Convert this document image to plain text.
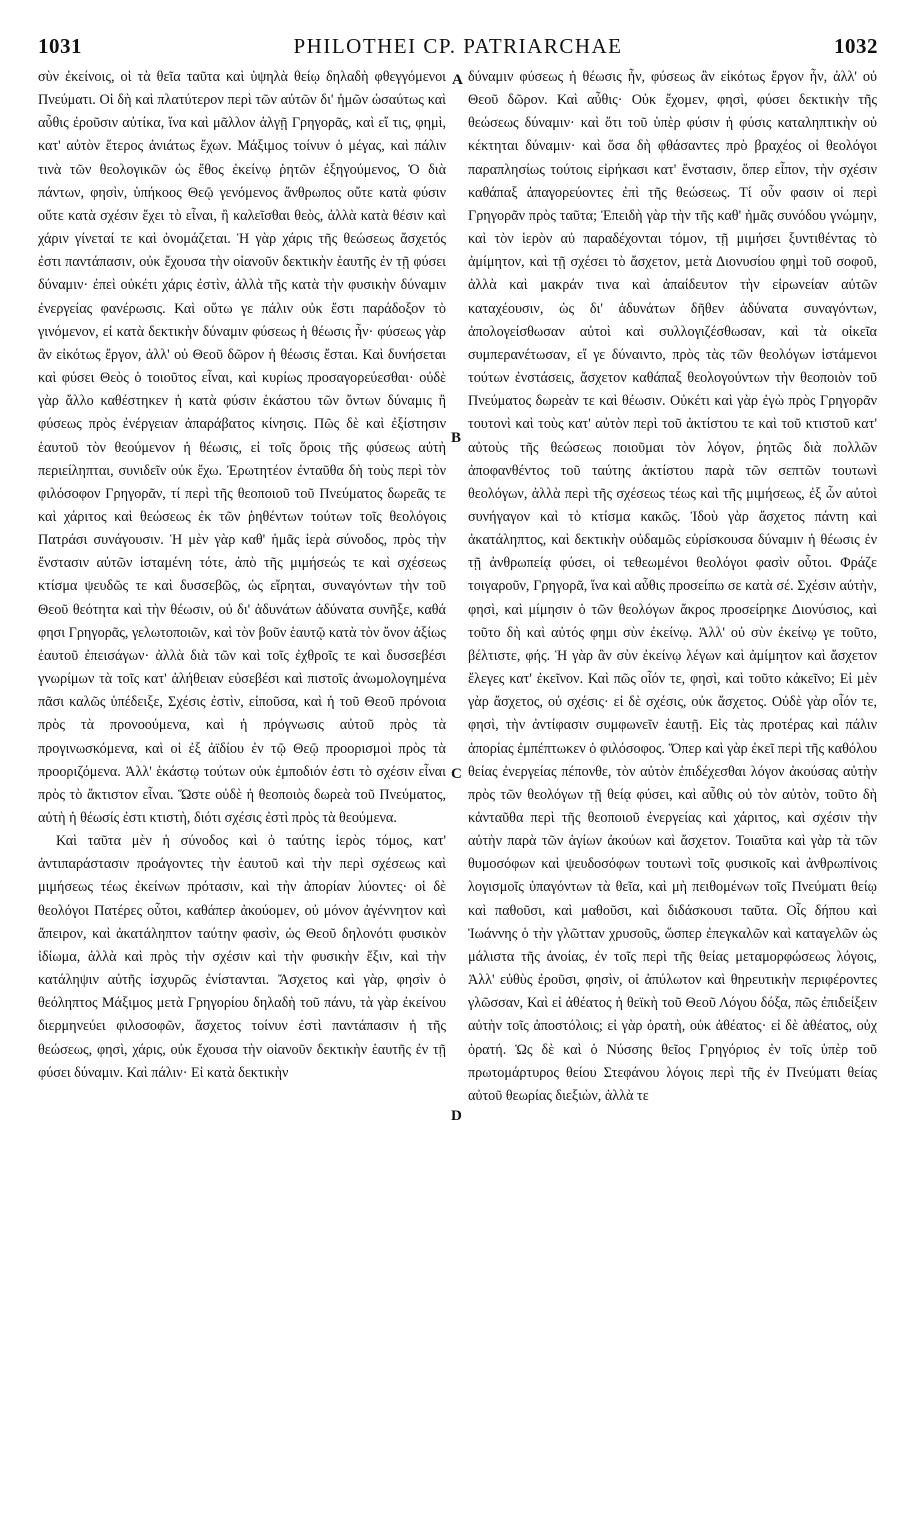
1031	PHILOTHEI CP. PATRIARCHAE	1032

σὺν ἐκείνοις, οἱ τὰ θεῖα ταῦτα καὶ ὑψηλὰ θείῳ δηλαδὴ φθεγγόμενοι Πνεύματι. Οἱ δὴ καὶ πλατύτερον περὶ τῶν αὐτῶν δι' ἡμῶν ὡσαύτως καὶ αὖθις ἐροῦσιν αὐτίκα, ἵνα καὶ μᾶλλον ἀλγῇ Γρηγορᾶς, καὶ εἴ τις, φημὶ, κατ' αὐτὸν ἕτερος ἀνιάτως ἔχων. Μάξιμος τοίνυν ὁ μέγας, καὶ πάλιν τινὰ τῶν θεολογικῶν ὡς ἔθος ἐκείνῳ ῥητῶν ἐξηγούμενος, Ὁ διὰ πάντων, φησὶν, ὑπήκοος Θεῷ γενόμενος ἄνθρωπος οὔτε κατὰ φύσιν οὔτε κατὰ σχέσιν ἔχει τὸ εἶναι, ἢ καλεῖσθαι θεὸς, ἀλλὰ κατὰ θέσιν καὶ χάριν γίνεταί τε καὶ ὀνομάζεται. Ἡ γὰρ χάρις τῆς θεώσεως ἄσχετός ἐστι παντάπασιν, οὐκ ἔχουσα τὴν οἱανοῦν δεκτικὴν ἑαυτῆς ἐν τῇ φύσει δύναμιν· ἐπεὶ οὐκέτι χάρις ἐστὶν, ἀλλὰ τῆς κατὰ τὴν φυσικὴν δύναμιν ἐνεργείας φανέρωσις. Καὶ οὕτω γε πάλιν οὐκ ἔστι παράδοξον τὸ γινόμενον, εἰ κατὰ δεκτικὴν δύναμιν φύσεως ἡ θέωσις ἦν· φύσεως γὰρ ἂν εἰκότως ἔργον, ἀλλ' οὐ Θεοῦ δῶρον ἡ θέωσις ἔσται. Καὶ δυνήσεται καὶ φύσει Θεὸς ὁ τοιοῦτος εἶναι, καὶ κυρίως προσαγορεύεσθαι· οὐδὲ γὰρ ἄλλο καθέστηκεν ἡ κατὰ φύσιν ἑκάστου τῶν ὄντων δύναμις ἢ φύσεως πρὸς ἐνέργειαν ἀπαράβατος κίνησις. Πῶς δὲ καὶ ἐξίστησιν ἑαυτοῦ τὸν θεούμενον ἡ θέωσις, εἰ τοῖς ὅροις τῆς φύσεως αὐτὴ περιείληπται, συνιδεῖν οὐκ ἔχω. Ἐρωτητέον ἐνταῦθα δὴ τοὺς περὶ τὸν φιλόσοφον Γρηγορᾶν, τί περὶ τῆς θεοποιοῦ τοῦ Πνεύματος δωρεᾶς τε καὶ χάριτος καὶ θεώσεως ἐκ τῶν ῥηθέντων τούτων τοῖς θεολόγοις Πατράσι συνάγουσιν. Ἡ μὲν γὰρ καθ' ἡμᾶς ἱερὰ σύνοδος, πρὸς τὴν ἔνστασιν αὐτῶν ἱσταμένη τότε, ἀπὸ τῆς μιμήσεώς τε καὶ σχέσεως κτίσμα ψευδῶς τε καὶ δυσσεβῶς, ὡς εἴρηται, συναγόντων τὴν τοῦ Θεοῦ θεότητα καὶ τὴν θέωσιν, οὐ δι' ἀδυνάτων ἀδύνατα συνῆξε, καθά φησι Γρηγορᾶς, γελωτοποιῶν, καὶ τὸν βοῦν ἑαυτῷ κατὰ τὸν ὄνον ἀξίως ἑαυτοῦ ἐπεισάγων· ἀλλὰ διὰ τῶν καὶ τοῖς ἐχθροῖς τε καὶ δυσσεβέσι γνωρίμων τὰ τοῖς κατ' ἀλήθειαν εὐσεβέσι καὶ πιστοῖς ἀνωμολογημένα πᾶσι καλῶς ὑπέδειξε, Σχέσις ἐστὶν, εἰποῦσα, καὶ ἡ τοῦ Θεοῦ πρόνοια πρὸς τὰ προνοούμενα, καὶ ἡ πρόγνωσις αὐτοῦ πρὸς τὰ προγινωσκόμενα, καὶ οἱ ἐξ ἀϊδίου ἐν τῷ Θεῷ προορισμοὶ πρὸς τὰ προοριζόμενα. Ἀλλ' ἑκάστῳ τούτων οὐκ ἐμποδιόν ἐστι τὸ σχέσιν εἶναι πρὸς τὸ ἄκτιστον εἶναι. Ὥστε οὐδὲ ἡ θεοποιὸς δωρεὰ τοῦ Πνεύματος, αὐτὴ ἡ θέωσίς ἐστι κτιστὴ, διότι σχέσις ἐστὶ πρὸς τὰ θεούμενα.

Καὶ ταῦτα μὲν ἡ σύνοδος καὶ ὁ ταύτης ἱερὸς τόμος, κατ' ἀντιπαράστασιν προάγοντες τὴν ἑαυτοῦ καὶ τὴν περὶ σχέσεως καὶ μιμήσεως τέως ἐκείνων πρότασιν, καὶ τὴν ἀπορίαν λύοντες· οἱ δὲ θεολόγοι Πατέρες οὗτοι, καθάπερ ἀκούομεν, οὐ μόνον ἀγέννητον καὶ ἄπειρον, καὶ ἀκατάληπτον ταύτην φασὶν, ὡς Θεοῦ δηλονότι φυσικὸν ἰδίωμα, ἀλλὰ καὶ πρὸς τὴν σχέσιν καὶ τὴν φυσικὴν ἕξιν, καὶ τὴν κατάληψιν αὐτῆς ἰσχυρῶς ἐνίστανται. Ἄσχετος καὶ γὰρ, φησὶν ὁ θεόληπτος Μάξιμος μετὰ Γρηγορίου δηλαδὴ τοῦ πάνυ, τὰ γὰρ ἐκείνου διερμηνεύει φιλοσοφῶν, ἄσχετος τοίνυν ἐστὶ παντάπασιν ἡ τῆς θεώσεως, φησὶ, χάρις, οὐκ ἔχουσα τὴν οἱανοῦν δεκτικὴν ἑαυτῆς ἐν τῇ φύσει δύναμιν. Καὶ πάλιν· Εἰ κατὰ δεκτικὴν

δύναμιν φύσεως ἡ θέωσις ἦν, φύσεως ἂν εἰκότως ἔργον ἦν, ἀλλ' οὐ Θεοῦ δῶρον. Καὶ αὖθις· Οὐκ ἔχομεν, φησὶ, φύσει δεκτικὴν τῆς θεώσεως δύναμιν· καὶ ὅτι τοῦ ὑπὲρ φύσιν ἡ φύσις καταληπτικὴν οὐ κέκτηται δύναμιν· καὶ ὅσα δὴ φθάσαντες πρὸ βραχέος οἱ θεολόγοι παραπλησίως τούτοις εἰρήκασι κατ' ἔνστασιν, ὅπερ εἶπον, τὴν σχέσιν καθάπαξ ἀπαγορεύοντες ἐπὶ τῆς θεώσεως. Τί οὖν φασιν οἱ περὶ Γρηγορᾶν πρὸς ταῦτα; Ἐπειδὴ γὰρ τὴν τῆς καθ' ἡμᾶς συνόδου γνώμην, καὶ τὸν ἱερὸν αὐ παραδέχονται τόμον, τῇ μιμήσει ξυντιθέντας τὸ ἀμίμητον, καὶ τῇ σχέσει τὸ ἄσχετον, μετὰ Διονυσίου φημὶ τοῦ σοφοῦ, ἀλλὰ καὶ μακράν τινα καὶ ἀπαίδευτον τὴν εἰρωνείαν αὐτῶν καταχέουσιν, ὡς δι' ἀδυνάτων δῆθεν ἀδύνατα συναγόντων, ἀπολογείσθωσαν αὐτοὶ καὶ συλλογιζέσθωσαν, καὶ τὰ οἰκεῖα συμπερανέτωσαν, εἴ γε δύναιντο, πρὸς τὰς τῶν θεολόγων ἱστάμενοι τούτων ἐνστάσεις, ἄσχετον καθάπαξ θεολογούντων τὴν θεοποιὸν τοῦ Πνεύματος δωρεὰν τε καὶ θέωσιν. Οὐκέτι καὶ γὰρ ἐγὼ πρὸς Γρηγορᾶν τουτονὶ καὶ τοὺς κατ' αὐτὸν περὶ τοῦ ἀκτίστου τε καὶ τοῦ κτιστοῦ κατ' αὐτοὺς τῆς θεώσεως ποιοῦμαι τὸν λόγον, ῥητῶς διὰ πολλῶν ἀποφανθέντος τοῦ ταύτης ἀκτίστου παρὰ τῶν σεπτῶν τουτωνὶ θεολόγων, ἀλλὰ περὶ τῆς σχέσεως τέως καὶ τῆς μιμήσεως, ἐξ ὧν αὐτοὶ συνήγαγον καὶ τὸ κτίσμα κακῶς. Ἰδοὺ γὰρ ἄσχετος πάντη καὶ ἀκατάληπτος, καὶ δεκτικὴν οὐδαμῶς εὑρίσκουσα δύναμιν ἡ θέωσις ἐν τῇ ἀνθρωπείᾳ φύσει, οἱ τεθεωμένοι θεολόγοι φασὶν οὗτοι. Φράζε τοιγαροῦν, Γρηγορᾶ, ἵνα καὶ αὖθις προσείπω σε κατὰ σέ. Σχέσιν αὐτὴν, φησὶ, καὶ μίμησιν ὁ τῶν θεολόγων ἄκρος προσείρηκε Διονύσιος, καὶ τοῦτο δὴ καὶ αὐτός φημι σὺν ἐκείνῳ. Ἀλλ' οὐ σὺν ἐκείνῳ γε τοῦτο, βέλτιστε, φής. Ἡ γὰρ ἂν σὺν ἐκείνῳ λέγων καὶ ἀμίμητον καὶ ἄσχετον ἔλεγες κατ' ἐκεῖνον. Καὶ πῶς οἷόν τε, φησὶ, καὶ τοῦτο κἀκεῖνο; Εἰ μὲν γὰρ ἄσχετος, οὐ σχέσις· εἰ δὲ σχέσις, οὐκ ἄσχετος. Οὐδὲ γὰρ οἷόν τε, φησὶ, τὴν ἀντίφασιν συμφωνεῖν ἑαυτῇ. Εἰς τὰς προτέρας καὶ πάλιν ἀπορίας ἐμπέπτωκεν ὁ φιλόσοφος. Ὅπερ καὶ γὰρ ἐκεῖ περὶ τῆς καθόλου θείας ἐνεργείας πέπονθε, τὸν αὐτὸν ἐπιδέχεσθαι λόγον ἀκούσας αὐτὴν πρὸς τῶν θεολόγων τῇ θείᾳ φύσει, καὶ αὖθις οὐ τὸν αὐτὸν, τοῦτο δὴ κἀνταῦθα περὶ τῆς θεοποιοῦ ἐνεργείας καὶ χάριτος, καὶ σχέσιν τὴν αὐτὴν παρὰ τῶν ἁγίων ἀκούων καὶ ἄσχετον. Τοιαῦτα καὶ γὰρ τὰ τῶν θυμοσόφων καὶ ψευδοσόφων τουτωνὶ τοῖς φυσικοῖς καὶ ἀνθρωπίνοις λογισμοῖς ὑπαγόντων τὰ θεῖα, καὶ μὴ πειθομένων τοῖς Πνεύματι θείῳ καὶ παθοῦσι, καὶ μαθοῦσι, καὶ διδάσκουσι ταῦτα. Οἷς δήπου καὶ Ἰωάννης ὁ τὴν γλῶτταν χρυσοῦς, ὥσπερ ἐπεγκαλῶν καὶ καταγελῶν ὡς μάλιστα τῆς ἀνοίας, ἐν τοῖς περὶ τῆς θείας μεταμορφώσεως λόγοις, Ἀλλ' εὐθὺς ἐροῦσι, φησὶν, οἱ ἀπύλωτον καὶ θηρευτικὴν περιφέροντες γλῶσσαν, Καὶ εἰ ἀθέατος ἡ θεϊκὴ τοῦ Θεοῦ Λόγου δόξα, πῶς ἐπιδείξειν αὐτὴν τοῖς ἀποστόλοις; εἰ γὰρ ὁρατὴ, οὐκ ἀθέατος· εἰ δὲ ἀθέατος, οὐχ ὁρατή. Ὡς δὲ καὶ ὁ Νύσσης θεῖος Γρηγόριος ἐν τοῖς ὑπὲρ τοῦ πρωτομάρτυρος θείου Στεφάνου λόγοις περὶ τῆς ἐν Πνεύματι θείας αὐτοῦ θεωρίας διεξιὼν, ἀλλὰ τε

A
B
C
D
